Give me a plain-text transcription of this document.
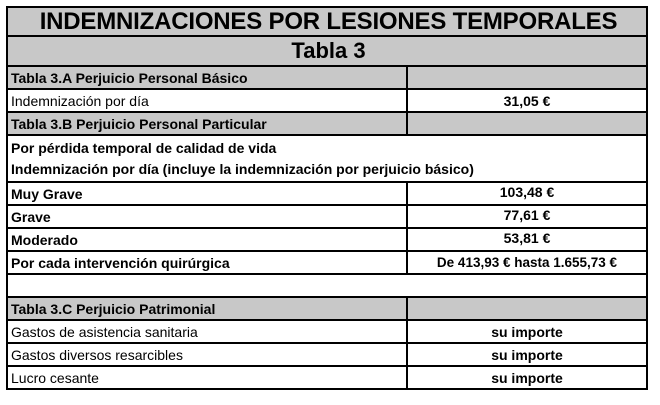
INDEMNIZACIONES POR LESIONES TEMPORALES
Tabla 3
Tabla 3.A Perjuicio Personal Básico
Indemnización por día	31,05 €
Tabla 3.B Perjuicio Personal Particular
Por pérdida temporal de calidad de vida
Indemnización por día (incluye la indemnización por perjuicio básico)
Muy Grave	103,48 €
Grave	77,61 €
Moderado	53,81 €
Por cada intervención quirúrgica	De 413,93 € hasta 1.655,73 €
Tabla 3.C Perjuicio Patrimonial
Gastos de asistencia sanitaria	su importe
Gastos diversos resarcibles	su importe
Lucro cesante	su importe
